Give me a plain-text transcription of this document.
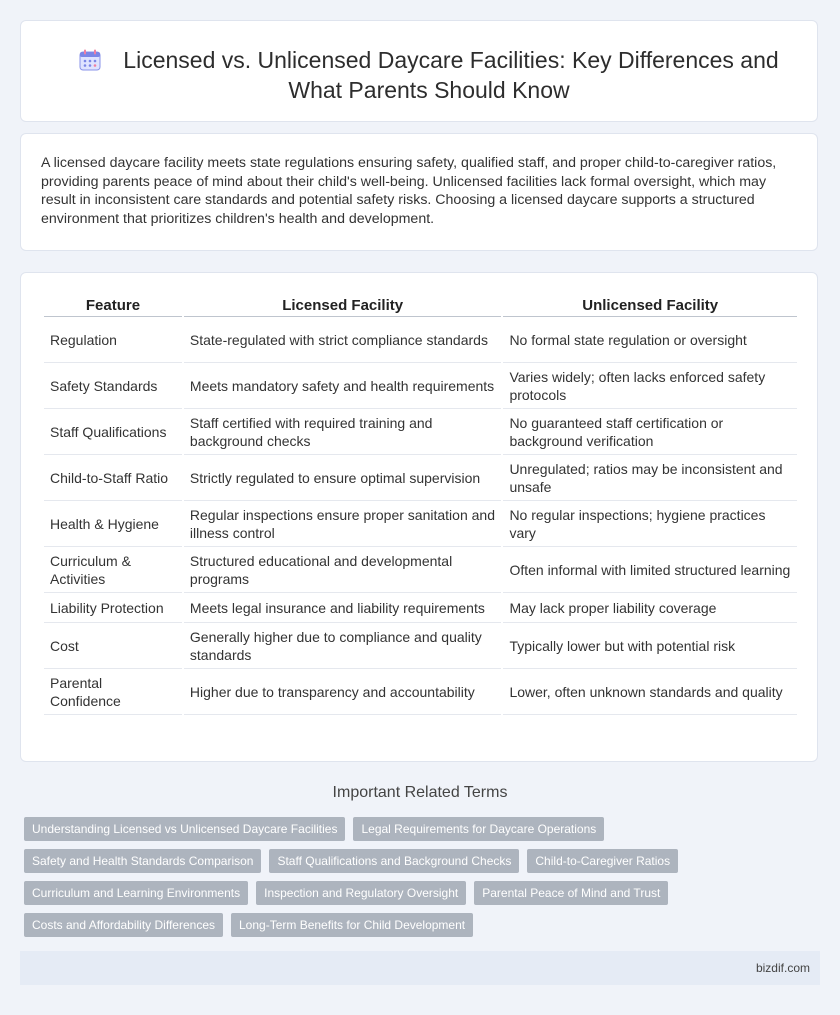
Licensed vs. Unlicensed Daycare Facilities: Key Differences and
What Parents Should Know

A licensed daycare facility meets state regulations ensuring safety, qualified staff, and proper child-to-caregiver ratios, providing parents peace of mind about their child's well-being. Unlicensed facilities lack formal oversight, which may result in inconsistent care standards and potential safety risks. Choosing a licensed daycare supports a structured environment that prioritizes children's health and development.

Feature	Licensed Facility	Unlicensed Facility
Regulation	State-regulated with strict compliance standards	No formal state regulation or oversight
Safety Standards	Meets mandatory safety and health requirements	Varies widely; often lacks enforced safety protocols
Staff Qualifications	Staff certified with required training and background checks	No guaranteed staff certification or background verification
Child-to-Staff Ratio	Strictly regulated to ensure optimal supervision	Unregulated; ratios may be inconsistent and unsafe
Health & Hygiene	Regular inspections ensure proper sanitation and illness control	No regular inspections; hygiene practices vary
Curriculum & Activities	Structured educational and developmental programs	Often informal with limited structured learning
Liability Protection	Meets legal insurance and liability requirements	May lack proper liability coverage
Cost	Generally higher due to compliance and quality standards	Typically lower but with potential risk
Parental Confidence	Higher due to transparency and accountability	Lower, often unknown standards and quality
Important Related Terms
Understanding Licensed vs Unlicensed Daycare Facilities	Legal Requirements for Daycare Operations
Safety and Health Standards Comparison	Staff Qualifications and Background Checks	Child-to-Caregiver Ratios
Curriculum and Learning Environments	Inspection and Regulatory Oversight	Parental Peace of Mind and Trust
Costs and Affordability Differences	Long-Term Benefits for Child Development
bizdif.com
